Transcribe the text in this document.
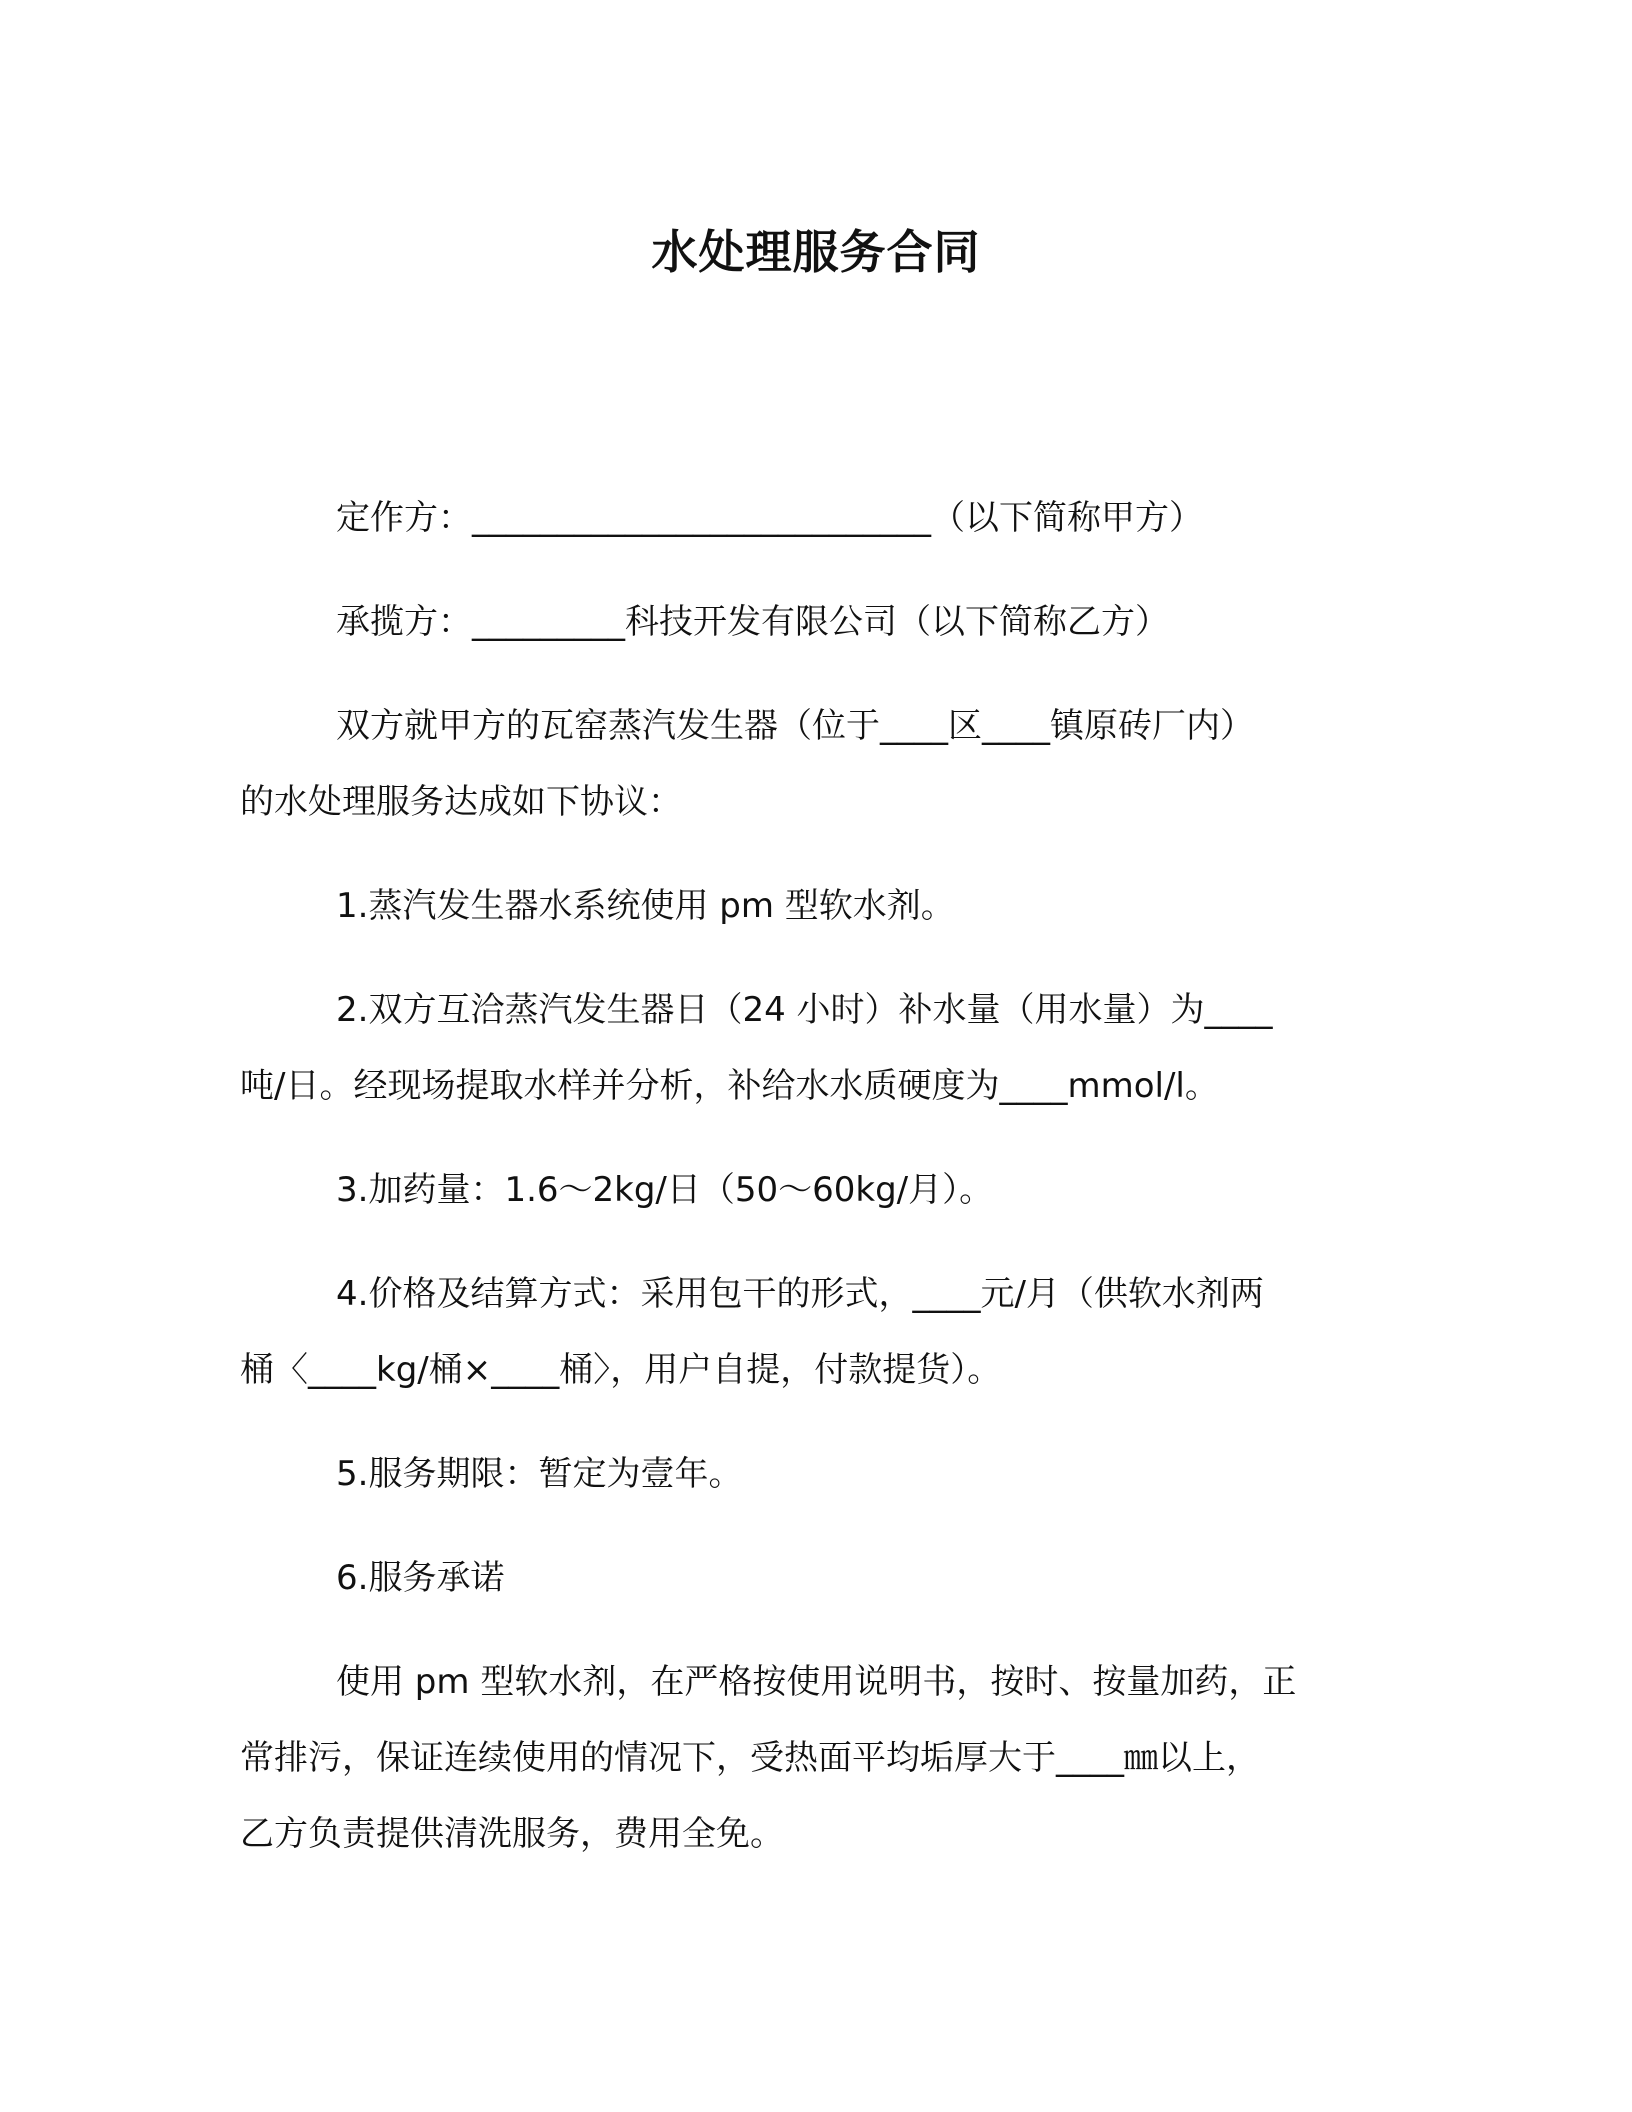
水处理服务合同
定作方：___________________________（以下简称甲方）
承揽方：_________科技开发有限公司（以下简称乙方）
双方就甲方的瓦窑蒸汽发生器（位于____区____镇原砖厂内）
的水处理服务达成如下协议：
1.蒸汽发生器水系统使用 pm 型软水剂。
2.双方互洽蒸汽发生器日（24 小时）补水量（用水量）为____
吨/日。经现场提取水样并分析，补给水水质硬度为____mmol/l。
3.加药量：1.6～2kg/日（50～60kg/月）。
4.价格及结算方式：采用包干的形式，____元/月（供软水剂两
桶〈____kg/桶×____桶〉，用户自提，付款提货）。
5.服务期限：暂定为壹年。
6.服务承诺
使用 pm 型软水剂，在严格按使用说明书，按时、按量加药，正
常排污，保证连续使用的情况下，受热面平均垢厚大于____㎜以上，
乙方负责提供清洗服务，费用全免。
